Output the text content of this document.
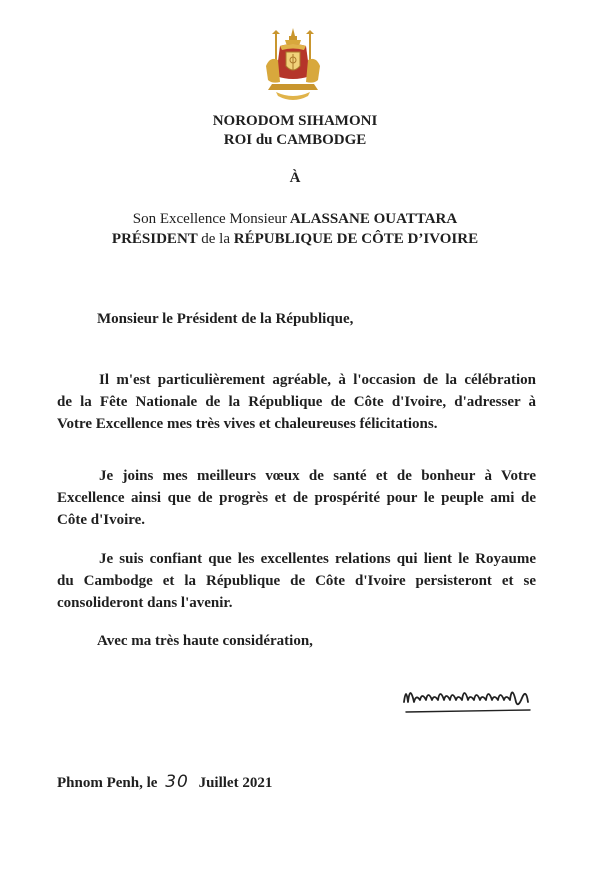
NORODOM SIHAMONI
ROI du CAMBODGE
À
Son Excellence Monsieur ALASSANE OUATTARA
PRÉSIDENT de la RÉPUBLIQUE DE CÔTE D’IVOIRE
Monsieur le Président de la République,
Il m'est particulièrement agréable, à l'occasion de la célébration
de la Fête Nationale de la République de Côte d'Ivoire, d'adresser à
Votre Excellence mes très vives et chaleureuses félicitations.
Je joins mes meilleurs vœux de santé et de bonheur à Votre
Excellence ainsi que de progrès et de prospérité pour le peuple ami de
Côte d'Ivoire.
Je suis confiant que les excellentes relations qui lient le Royaume
du Cambodge et la République de Côte d'Ivoire persisteront et se
consolideront dans l'avenir.
Avec ma très haute considération,
Phnom Penh, le 30 Juillet 2021
